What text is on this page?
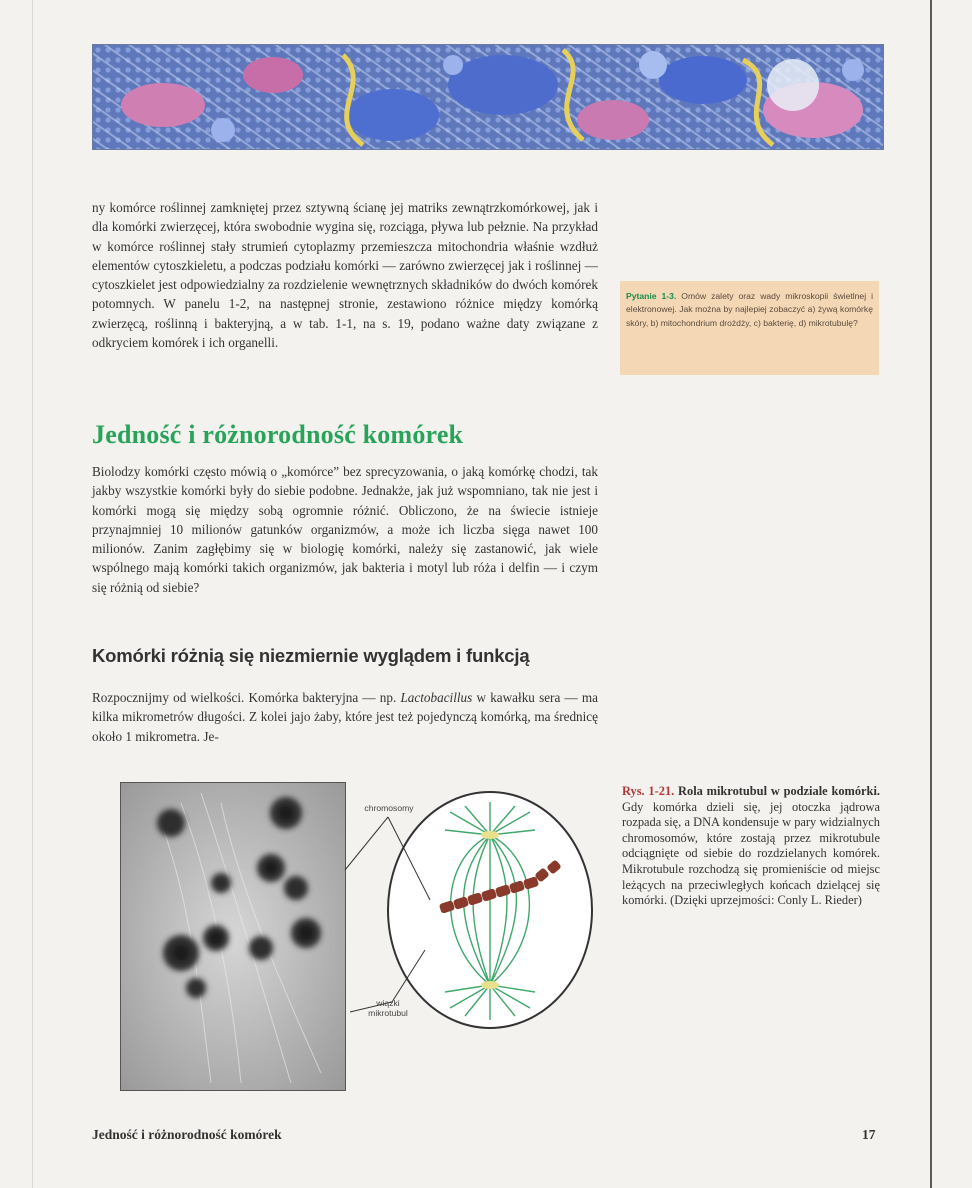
ny komórce roślinnej zamkniętej przez sztywną ścianę jej matriks zewnątrzkomórkowej, jak i dla komórki zwierzęcej, która swobodnie wygina się, rozciąga, pływa lub pełznie. Na przykład w komórce roślinnej stały strumień cytoplazmy przemieszcza mitochondria właśnie wzdłuż elementów cytoszkieletu, a podczas podziału komórki — zarówno zwierzęcej jak i roślinnej — cytoszkielet jest odpowiedzialny za rozdzielenie wewnętrznych składników do dwóch komórek potomnych. W panelu 1-2, na następnej stronie, zestawiono różnice między komórką zwierzęcą, roślinną i bakteryjną, a w tab. 1-1, na s. 19, podano ważne daty związane z odkryciem komórek i ich organelli.

Pytanie 1-3. Omów zalety oraz wady mikroskopii świetlnej i elektronowej. Jak można by najlepiej zobaczyć a) żywą komórkę skóry, b) mitochondrium drożdży, c) bakterię, d) mikrotubulę?
Jedność i różnorodność komórek

Biolodzy komórki często mówią o „komórce” bez sprecyzowania, o jaką komórkę chodzi, tak jakby wszystkie komórki były do siebie podobne. Jednakże, jak już wspomniano, tak nie jest i komórki mogą się między sobą ogromnie różnić. Obliczono, że na świecie istnieje przynajmniej 10 milionów gatunków organizmów, a może ich liczba sięga nawet 100 milionów. Zanim zagłębimy się w biologię komórki, należy się zastanowić, jak wiele wspólnego mają komórki takich organizmów, jak bakteria i motyl lub róża i delfin — i czym się różnią od siebie?

Komórki różnią się niezmiernie wyglądem i funkcją

Rozpocznijmy od wielkości. Komórka bakteryjna — np. Lactobacillus w kawałku sera — ma kilka mikrometrów długości. Z kolei jajo żaby, które jest też pojedynczą komórką, ma średnicę około 1 mikrometra. Je-

chromosomy
wiązki mikrotubul
Rys. 1-21. Rola mikrotubul w podziale komórki. Gdy komórka dzieli się, jej otoczka jądrowa rozpada się, a DNA kondensuje w pary widzialnych chromosomów, które zostają przez mikrotubule odciągnięte od siebie do rozdzielanych komórek. Mikrotubule rozchodzą się promieniście od miejsc leżących na przeciwległych końcach dzielącej się komórki. (Dzięki uprzejmości: Conly L. Rieder)
Jedność i różnorodność komórek	17
